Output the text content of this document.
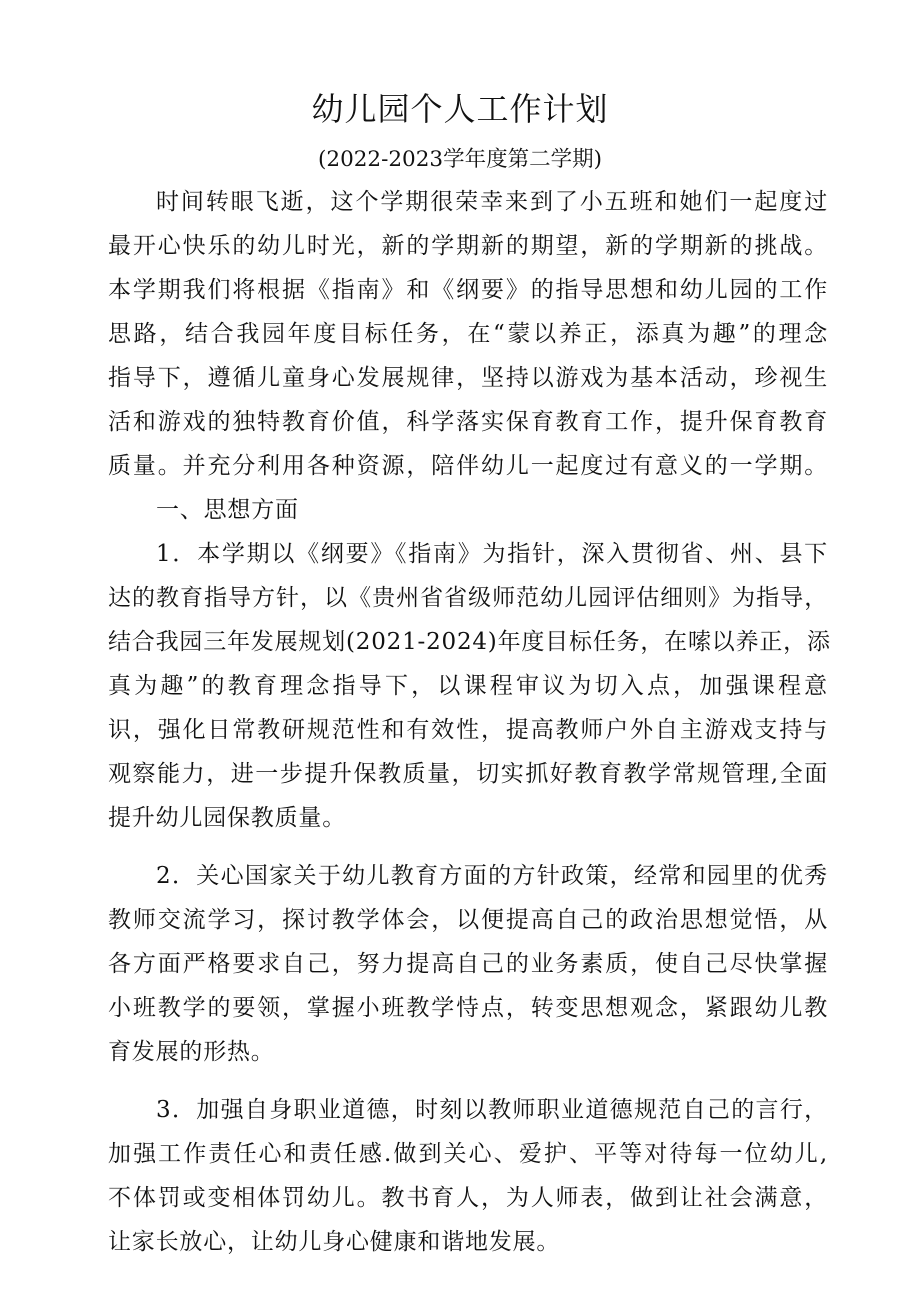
幼儿园个人工作计划
(2022-2023学年度第二学期)
时间转眼飞逝，这个学期很荣幸来到了小五班和她们一起度过
最开心快乐的幼儿时光，新的学期新的期望，新的学期新的挑战。
本学期我们将根据《指南》和《纲要》的指导思想和幼儿园的工作
思路，结合我园年度目标任务，在“蒙以养正，添真为趣”的理念
指导下，遵循儿童身心发展规律，坚持以游戏为基本活动，珍视生
活和游戏的独特教育价值，科学落实保育教育工作，提升保育教育
质量。并充分利用各种资源，陪伴幼儿一起度过有意义的一学期。
一、思想方面
1．本学期以《纲要》《指南》为指针，深入贯彻省、州、县下
达的教育指导方针，以《贵州省省级师范幼儿园评估细则》为指导，
结合我园三年发展规划(2021-2024)年度目标任务，在嗦以养正，添
真为趣”的教育理念指导下，以课程审议为切入点，加强课程意
识，强化日常教研规范性和有效性，提高教师户外自主游戏支持与
观察能力，进一步提升保教质量，切实抓好教育教学常规管理,全面
提升幼儿园保教质量。
2．关心国家关于幼儿教育方面的方针政策，经常和园里的优秀
教师交流学习，探讨教学体会，以便提高自己的政治思想觉悟，从
各方面严格要求自己，努力提高自己的业务素质，使自己尽快掌握
小班教学的要领，掌握小班教学恃点，转变思想观念，紧跟幼儿教
育发展的形热。
3．加强自身职业道德，时刻以教师职业道德规范自己的言行，
加强工作责任心和责任感.做到关心、爱护、平等对待每一位幼儿,
不体罚或变相体罚幼儿。教书育人，为人师表，做到让社会满意，
让家长放心，让幼儿身心健康和谐地发展。
